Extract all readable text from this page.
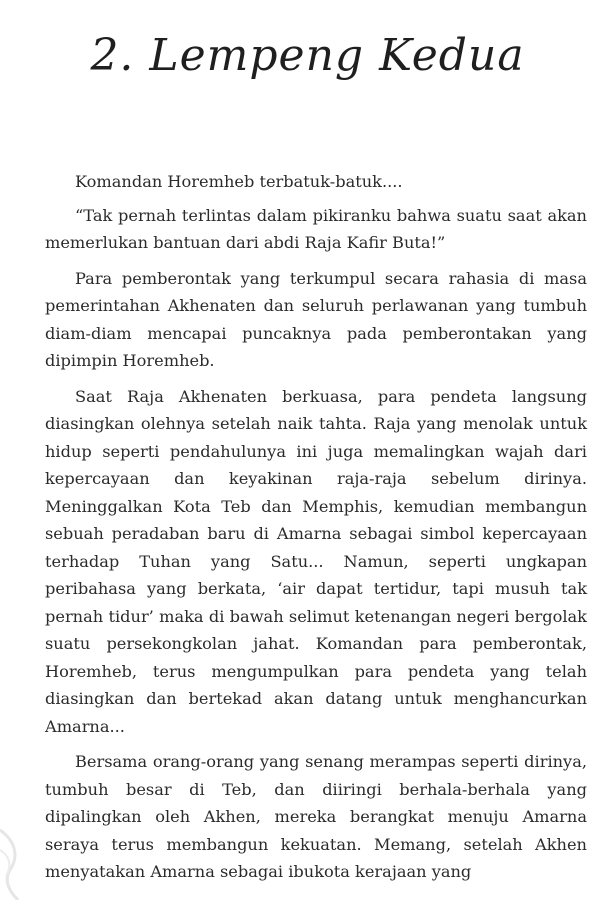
2. Lempeng Kedua

Komandan Horemheb terbatuk-batuk....

“Tak pernah terlintas dalam pikiranku bahwa suatu saat akan memerlukan bantuan dari abdi Raja Kafir Buta!”

Para pemberontak yang terkumpul secara rahasia di masa pemerintahan Akhenaten dan seluruh perlawanan yang tumbuh diam-diam mencapai puncaknya pada pemberontakan yang dipimpin Horemheb.

Saat Raja Akhenaten berkuasa, para pendeta langsung diasingkan olehnya setelah naik tahta. Raja yang menolak untuk hidup seperti pendahulunya ini juga memalingkan wajah dari kepercayaan dan keyakinan raja-raja sebelum dirinya. Meninggalkan Kota Teb dan Memphis, kemudian membangun sebuah peradaban baru di Amarna sebagai simbol kepercayaan terhadap Tuhan yang Satu... Namun, seperti ungkapan peribahasa yang berkata, ‘air dapat tertidur, tapi musuh tak pernah tidur’ maka di bawah selimut ketenangan negeri bergolak suatu persekongkolan jahat. Komandan para pemberontak, Horemheb, terus mengumpulkan para pendeta yang telah diasingkan dan bertekad akan datang untuk menghancurkan Amarna...

Bersama orang-orang yang senang merampas seperti dirinya, tumbuh besar di Teb, dan diiringi berhala-berhala yang dipalingkan oleh Akhen, mereka berangkat menuju Amarna seraya terus membangun kekuatan. Memang, setelah Akhen menyatakan Amarna sebagai ibukota kerajaan yang
